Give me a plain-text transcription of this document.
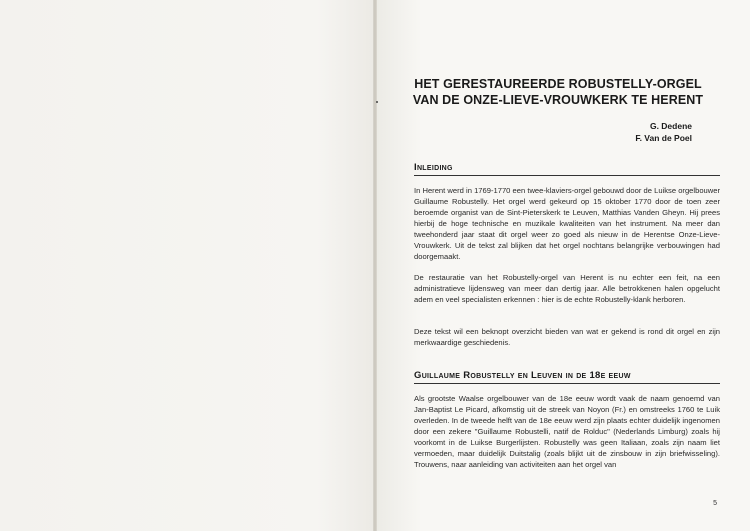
HET GERESTAUREERDE ROBUSTELLY-ORGEL
VAN DE ONZE-LIEVE-VROUWKERK TE HERENT
G. Dedene
F. Van de Poel
Inleiding
In Herent werd in 1769-1770 een twee-klaviers-orgel gebouwd door de Luikse orgelbouwer Guillaume Robustelly. Het orgel werd gekeurd op 15 oktober 1770 door de toen zeer beroemde organist van de Sint-Pieterskerk te Leuven, Matthias Vanden Gheyn. Hij prees hierbij de hoge technische en muzikale kwaliteiten van het instrument. Na meer dan tweehonderd jaar staat dit orgel weer zo goed als nieuw in de Herentse Onze-Lieve-Vrouwkerk. Uit de tekst zal blijken dat het orgel nochtans belangrijke verbouwingen had doorgemaakt.
De restauratie van het Robustelly-orgel van Herent is nu echter een feit, na een administratieve lijdensweg van meer dan dertig jaar. Alle betrokkenen halen opgelucht adem en veel specialisten erkennen : hier is de echte Robustelly-klank herboren.
Deze tekst wil een beknopt overzicht bieden van wat er gekend is rond dit orgel en zijn merkwaardige geschiedenis.
Guillaume Robustelly en Leuven in de 18e eeuw
Als grootste Waalse orgelbouwer van de 18e eeuw wordt vaak de naam genoemd van Jan-Baptist Le Picard, afkomstig uit de streek van Noyon (Fr.) en omstreeks 1760 te Luik overleden. In de tweede helft van de 18e eeuw werd zijn plaats echter duidelijk ingenomen door een zekere "Guillaume Robustelli, natif de Rolduc" (Nederlands Limburg) zoals hij voorkomt in de Luikse Burgerlijsten. Robustelly was geen Italiaan, zoals zijn naam liet vermoeden, maar duidelijk Duitstalig (zoals blijkt uit de zinsbouw in zijn briefwisseling). Trouwens, naar aanleiding van activiteiten aan het orgel van
5
